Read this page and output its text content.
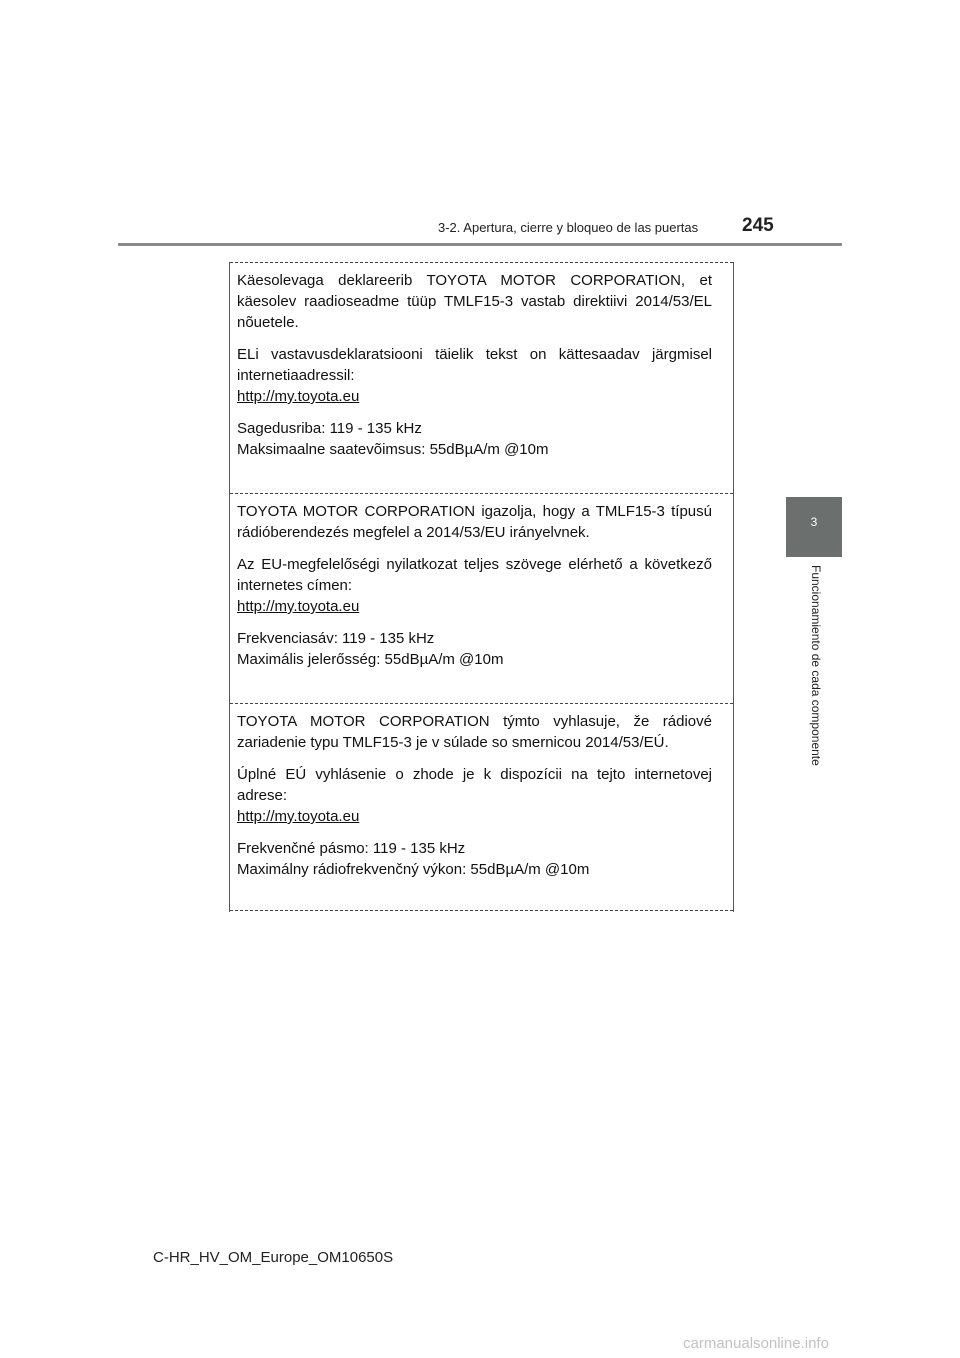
3-2. Apertura, cierre y bloqueo de las puertas 245
3
Funcionamiento de cada componente

Käesolevaga deklareerib TOYOTA MOTOR CORPORATION, et käesolev raadioseadme tüüp TMLF15-3 vastab direktiivi 2014/53/EL nõuetele.

ELi vastavusdeklaratsiooni täielik tekst on kättesaadav järgmisel internetiaadressil:

http://my.toyota.eu

Sagedusriba: 119 - 135 kHz

Maksimaalne saatevõimsus: 55dBµA/m @10m

TOYOTA MOTOR CORPORATION igazolja, hogy a TMLF15-3 típusú rádióberendezés megfelel a 2014/53/EU irányelvnek.

Az EU-megfelelőségi nyilatkozat teljes szövege elérhető a következő internetes címen:

http://my.toyota.eu

Frekvenciasáv: 119 - 135 kHz

Maximális jelerősség: 55dBµA/m @10m

TOYOTA MOTOR CORPORATION týmto vyhlasuje, že rádiové zariadenie typu TMLF15-3 je v súlade so smernicou 2014/53/EÚ.

Úplné EÚ vyhlásenie o zhode je k dispozícii na tejto internetovej adrese:

http://my.toyota.eu

Frekvenčné pásmo: 119 - 135 kHz

Maximálny rádiofrekvenčný výkon: 55dBµA/m @10m

C-HR_HV_OM_Europe_OM10650S
carmanualsonline.info
